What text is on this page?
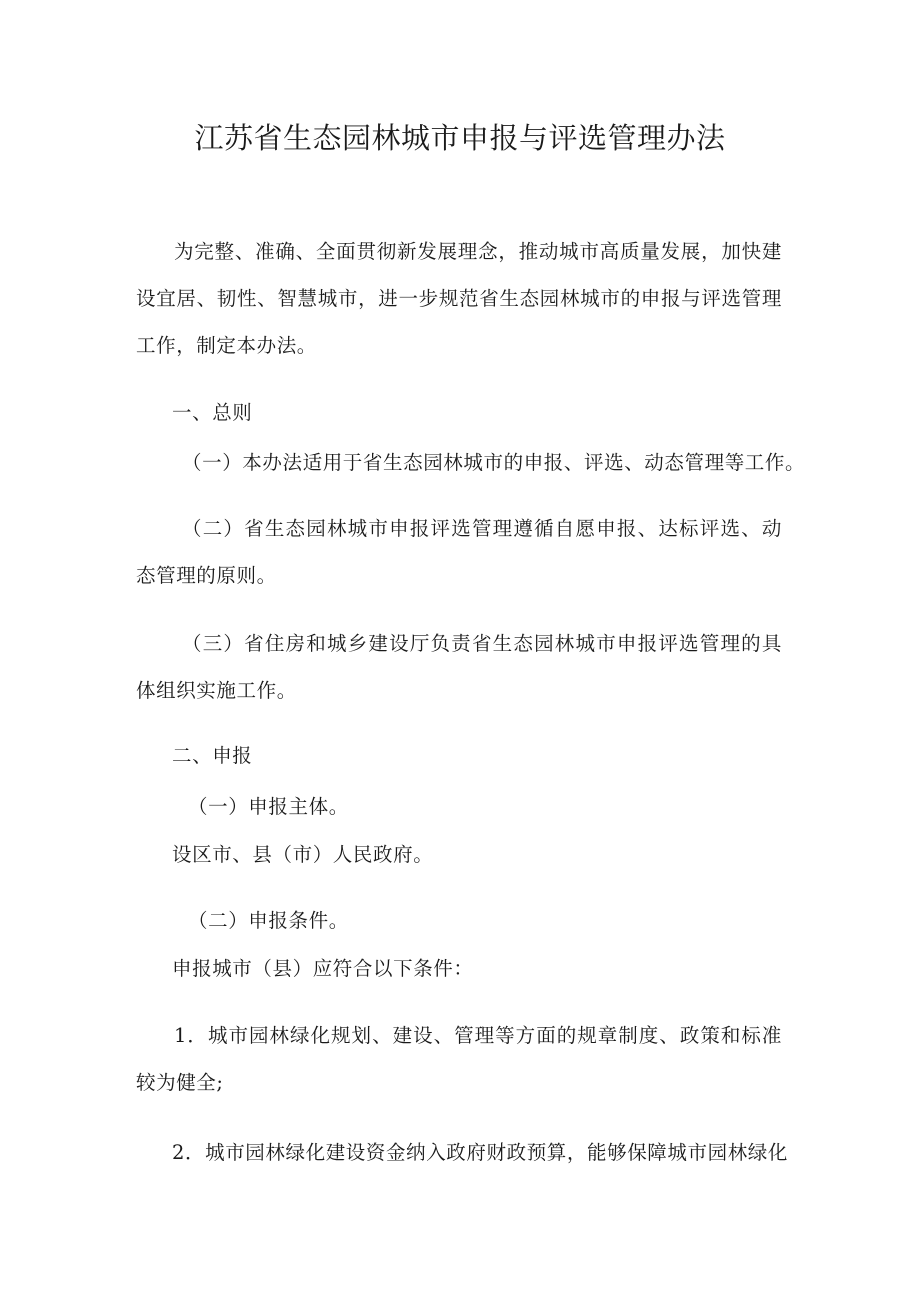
江苏省生态园林城市申报与评选管理办法
为完整、准确、全面贯彻新发展理念，推动城市高质量发展，加快建设宜居、韧性、智慧城市，进一步规范省生态园林城市的申报与评选管理工作，制定本办法。
一、总则
（一）本办法适用于省生态园林城市的申报、评选、动态管理等工作。
（二）省生态园林城市申报评选管理遵循自愿申报、达标评选、动态管理的原则。
（三）省住房和城乡建设厅负责省生态园林城市申报评选管理的具体组织实施工作。
二、申报
（一）申报主体。
设区市、县（市）人民政府。
（二）申报条件。
申报城市（县）应符合以下条件：
1．城市园林绿化规划、建设、管理等方面的规章制度、政策和标准较为健全;
2．城市园林绿化建设资金纳入政府财政预算，能够保障城市园林绿化
